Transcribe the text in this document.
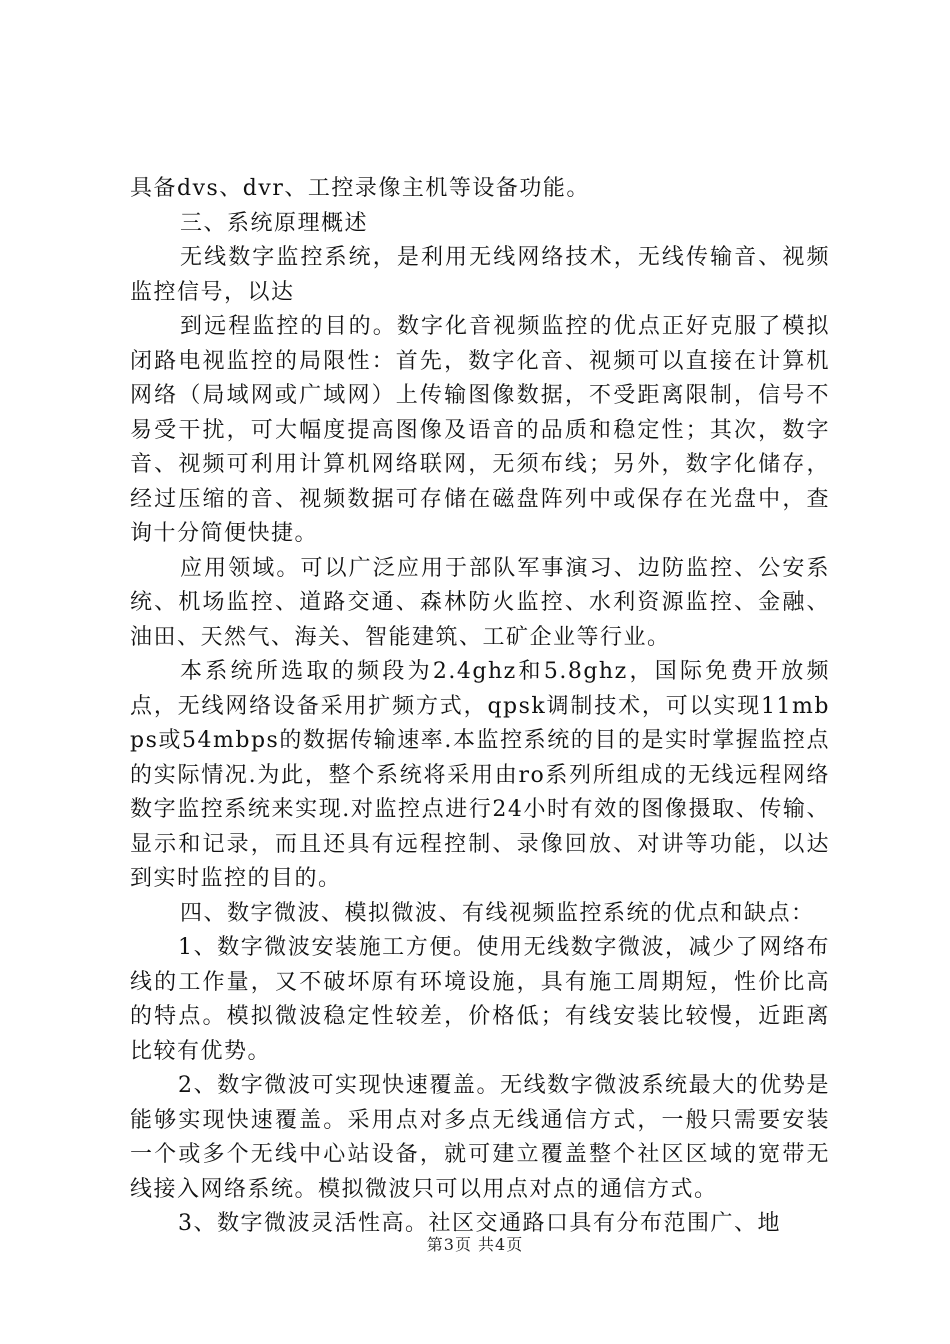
具备dvs、dvr、工控录像主机等设备功能。

三、系统原理概述

无线数字监控系统，是利用无线网络技术，无线传输音、视频监控信号，以达

到远程监控的目的。数字化音视频监控的优点正好克服了模拟闭路电视监控的局限性：首先，数字化音、视频可以直接在计算机网络（局域网或广域网）上传输图像数据，不受距离限制，信号不易受干扰，可大幅度提高图像及语音的品质和稳定性；其次，数字音、视频可利用计算机网络联网，无须布线；另外，数字化储存，经过压缩的音、视频数据可存储在磁盘阵列中或保存在光盘中，查询十分简便快捷。

应用领域。可以广泛应用于部队军事演习、边防监控、公安系统、机场监控、道路交通、森林防火监控、水利资源监控、金融、油田、天然气、海关、智能建筑、工矿企业等行业。

本系统所选取的频段为2.4ghz和5.8ghz，国际免费开放频点，无线网络设备采用扩频方式，qpsk调制技术，可以实现11mbps或54mbps的数据传输速率.本监控系统的目的是实时掌握监控点的实际情况.为此，整个系统将采用由ro系列所组成的无线远程网络数字监控系统来实现.对监控点进行24小时有效的图像摄取、传输、显示和记录，而且还具有远程控制、录像回放、对讲等功能，以达到实时监控的目的。

四、数字微波、模拟微波、有线视频监控系统的优点和缺点：

1、数字微波安装施工方便。使用无线数字微波，减少了网络布线的工作量，又不破坏原有环境设施，具有施工周期短，性价比高的特点。模拟微波稳定性较差，价格低；有线安装比较慢，近距离比较有优势。

2、数字微波可实现快速覆盖。无线数字微波系统最大的优势是能够实现快速覆盖。采用点对多点无线通信方式，一般只需要安装一个或多个无线中心站设备，就可建立覆盖整个社区区域的宽带无线接入网络系统。模拟微波只可以用点对点的通信方式。

3、数字微波灵活性高。社区交通路口具有分布范围广、地

第3页 共4页
